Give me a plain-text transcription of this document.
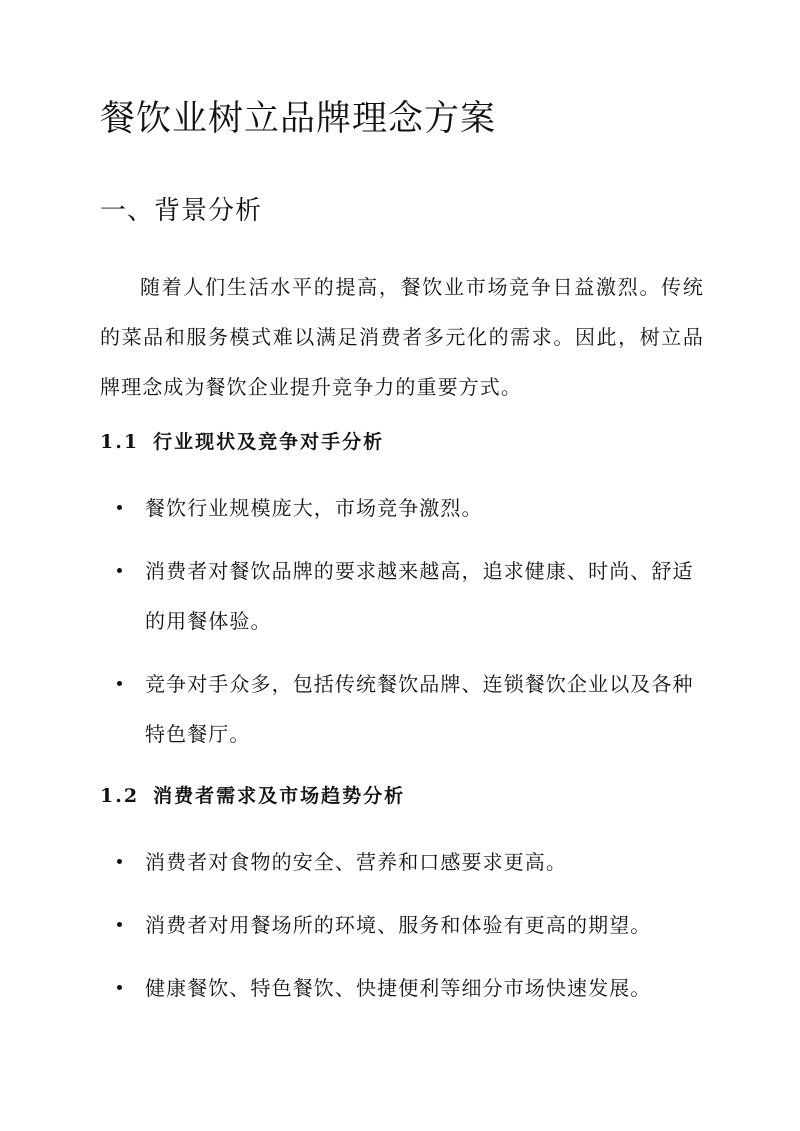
餐饮业树立品牌理念方案
一、背景分析

随着人们生活水平的提高，餐饮业市场竞争日益激烈。传统的菜品和服务模式难以满足消费者多元化的需求。因此，树立品牌理念成为餐饮企业提升竞争力的重要方式。

1.1 行业现状及竞争对手分析
餐饮行业规模庞大，市场竞争激烈。
消费者对餐饮品牌的要求越来越高，追求健康、时尚、舒适的用餐体验。
竞争对手众多，包括传统餐饮品牌、连锁餐饮企业以及各种特色餐厅。
1.2 消费者需求及市场趋势分析
消费者对食物的安全、营养和口感要求更高。
消费者对用餐场所的环境、服务和体验有更高的期望。
健康餐饮、特色餐饮、快捷便利等细分市场快速发展。
